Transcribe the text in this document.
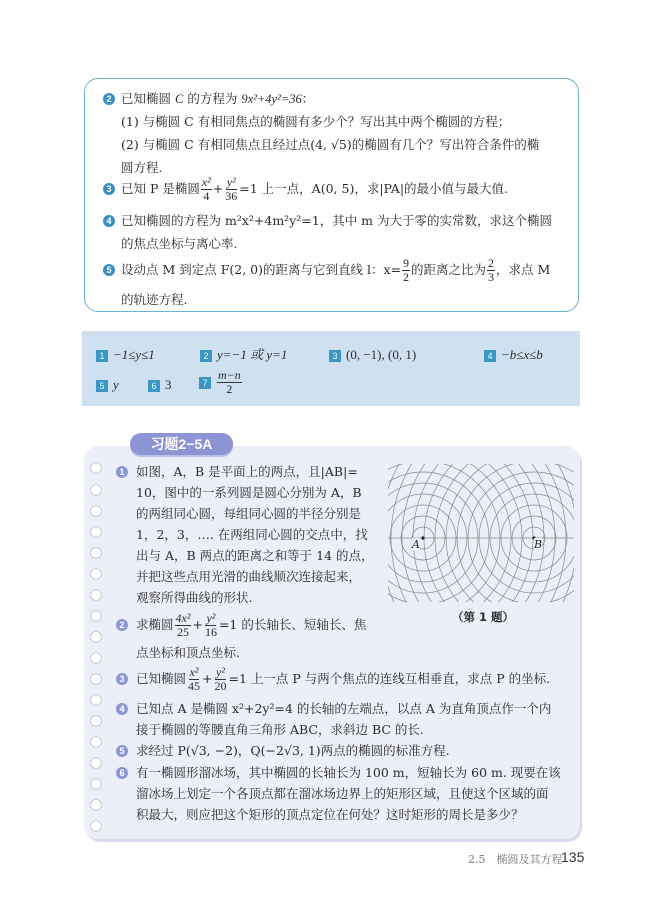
2 已知椭圆 C 的方程为 9x²+4y²=36：
(1) 与椭圆 C 有相同焦点的椭圆有多少个？写出其中两个椭圆的方程；
(2) 与椭圆 C 有相同焦点且经过点(4, √5)的椭圆有几个？写出符合条件的椭
圆方程.
3 已知 P 是椭圆 $\frac{\text{x²}}{4} + \frac{\text{y²}}{36} =1$ 上一点，A(0, 5)，求|PA|的最小值与最大值.
4 已知椭圆的方程为 m²x²+4m²y²=1，其中 m 为大于零的实常数，求这个椭圆
的焦点坐标与离心率.
5 设动点 M 到定点 F(2, 0)的距离与它到直线 l：$x= \frac{9}{2}$ 的距离之比为 $\frac{2}{3}$ ，求点 M
的轨迹方程.
1 −1≤y≤1	2 y=−1 或 y=1	3 (0, −1), (0, 1)	4 −b≤x≤b
5 y	6 3	$7 \frac{m-n}{2}$
习题2−5A
1 如图，A，B 是平面上的两点，且|AB|=
10，图中的一系列圆是圆心分别为 A，B
的两组同心圆，每组同心圆的半径分别是
1，2，3，…. 在两组同心圆的交点中，找
出与 A，B 两点的距离之和等于 14 的点，
并把这些点用光滑的曲线顺次连接起来，
观察所得曲线的形状.
A	B
（第 1 题）
2 求椭圆 $\frac{\text{4x²}}{25} + \frac{\text{y²}}{16} =1$ 的长轴长、短轴长、焦
点坐标和顶点坐标.
3 已知椭圆 $\frac{\text{x²}}{45} + \frac{\text{y²}}{20} =1$ 上一点 P 与两个焦点的连线互相垂直，求点 P 的坐标.
4 已知点 A 是椭圆 x²+2y²=4 的长轴的左端点，以点 A 为直角顶点作一个内
接于椭圆的等腰直角三角形 ABC，求斜边 BC 的长.
5 求经过 P(√3, −2)，Q(−2√3, 1)两点的椭圆的标准方程.
6 有一椭圆形溜冰场，其中椭圆的长轴长为 100 m，短轴长为 60 m. 现要在该
溜冰场上划定一个各顶点都在溜冰场边界上的矩形区域，且使这个区域的面
积最大，则应把这个矩形的顶点定位在何处？这时矩形的周长是多少？
2.5　椭圆及其方程
135
